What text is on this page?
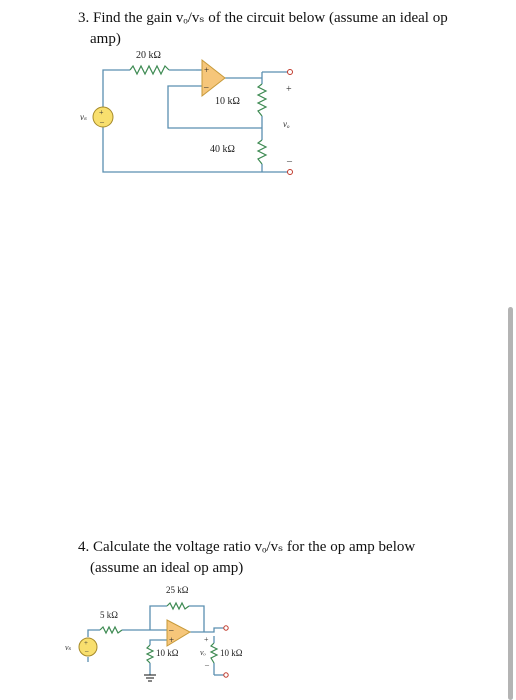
3. Find the gain vₒ/vₛ of the circuit below (assume an ideal op

amp)

20 kΩ
10 kΩ
40 kΩ
+
–
+
–
vₛ
+
vₒ
–

4. Calculate the voltage ratio vₒ/vₛ for the op amp below

(assume an ideal op amp)

25 kΩ
5 kΩ
10 kΩ	10 kΩ
–
+
+
–
vₛ
+
vₒ
–
